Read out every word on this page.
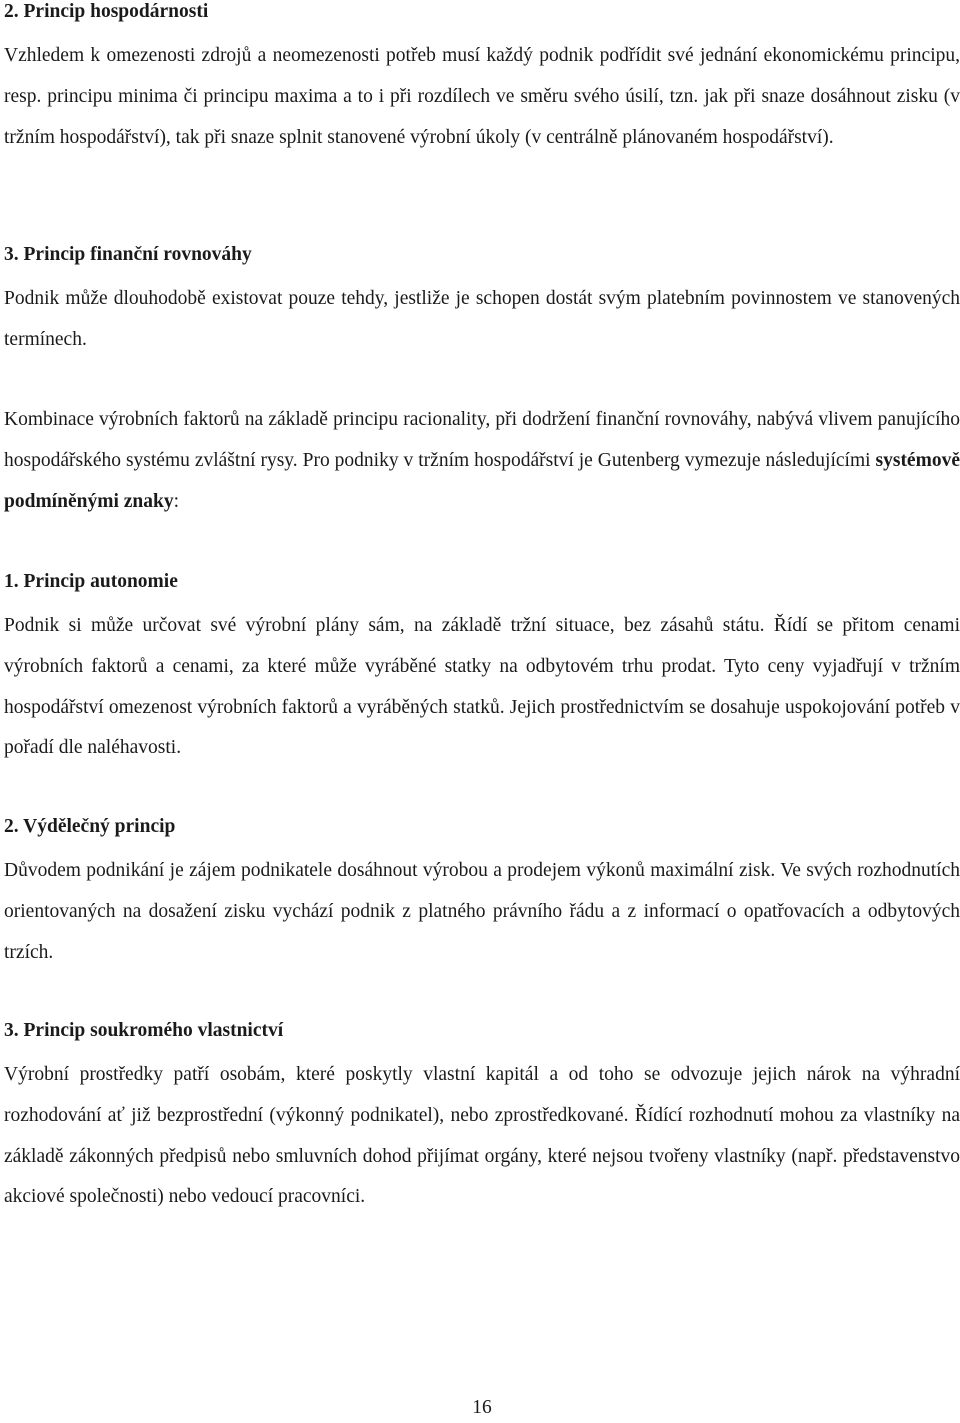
2. Princip hospodárnosti

Vzhledem k omezenosti zdrojů a neomezenosti potřeb musí každý podnik podřídit své jednání ekonomickému principu, resp. principu minima či principu maxima a to i při rozdílech ve směru svého úsilí, tzn. jak při snaze dosáhnout zisku (v tržním hospodářství), tak při snaze splnit stanovené výrobní úkoly (v centrálně plánovaném hospodářství).

3. Princip finanční rovnováhy

Podnik může dlouhodobě existovat pouze tehdy, jestliže je schopen dostát svým platebním povinnostem ve stanovených termínech.

Kombinace výrobních faktorů na základě principu racionality, při dodržení finanční rovnováhy, nabývá vlivem panujícího hospodářského systému zvláštní rysy. Pro podniky v tržním hospodářství je Gutenberg vymezuje následujícími systémově podmíněnými znaky:

1. Princip autonomie

Podnik si může určovat své výrobní plány sám, na základě tržní situace, bez zásahů státu. Řídí se přitom cenami výrobních faktorů a cenami, za které může vyráběné statky na odbytovém trhu prodat. Tyto ceny vyjadřují v tržním hospodářství omezenost výrobních faktorů a vyráběných statků. Jejich prostřednictvím se dosahuje uspokojování potřeb v pořadí dle naléhavosti.

2. Výdělečný princip

Důvodem podnikání je zájem podnikatele dosáhnout výrobou a prodejem výkonů maximální zisk. Ve svých rozhodnutích orientovaných na dosažení zisku vychází podnik z platného právního řádu a z informací o opatřovacích a odbytových trzích.

3. Princip soukromého vlastnictví

Výrobní prostředky patří osobám, které poskytly vlastní kapitál a od toho se odvozuje jejich nárok na výhradní rozhodování ať již bezprostřední (výkonný podnikatel), nebo zprostředkované. Řídící rozhodnutí mohou za vlastníky na základě zákonných předpisů nebo smluvních dohod přijímat orgány, které nejsou tvořeny vlastníky (např. představenstvo akciové společnosti) nebo vedoucí pracovníci.

16
